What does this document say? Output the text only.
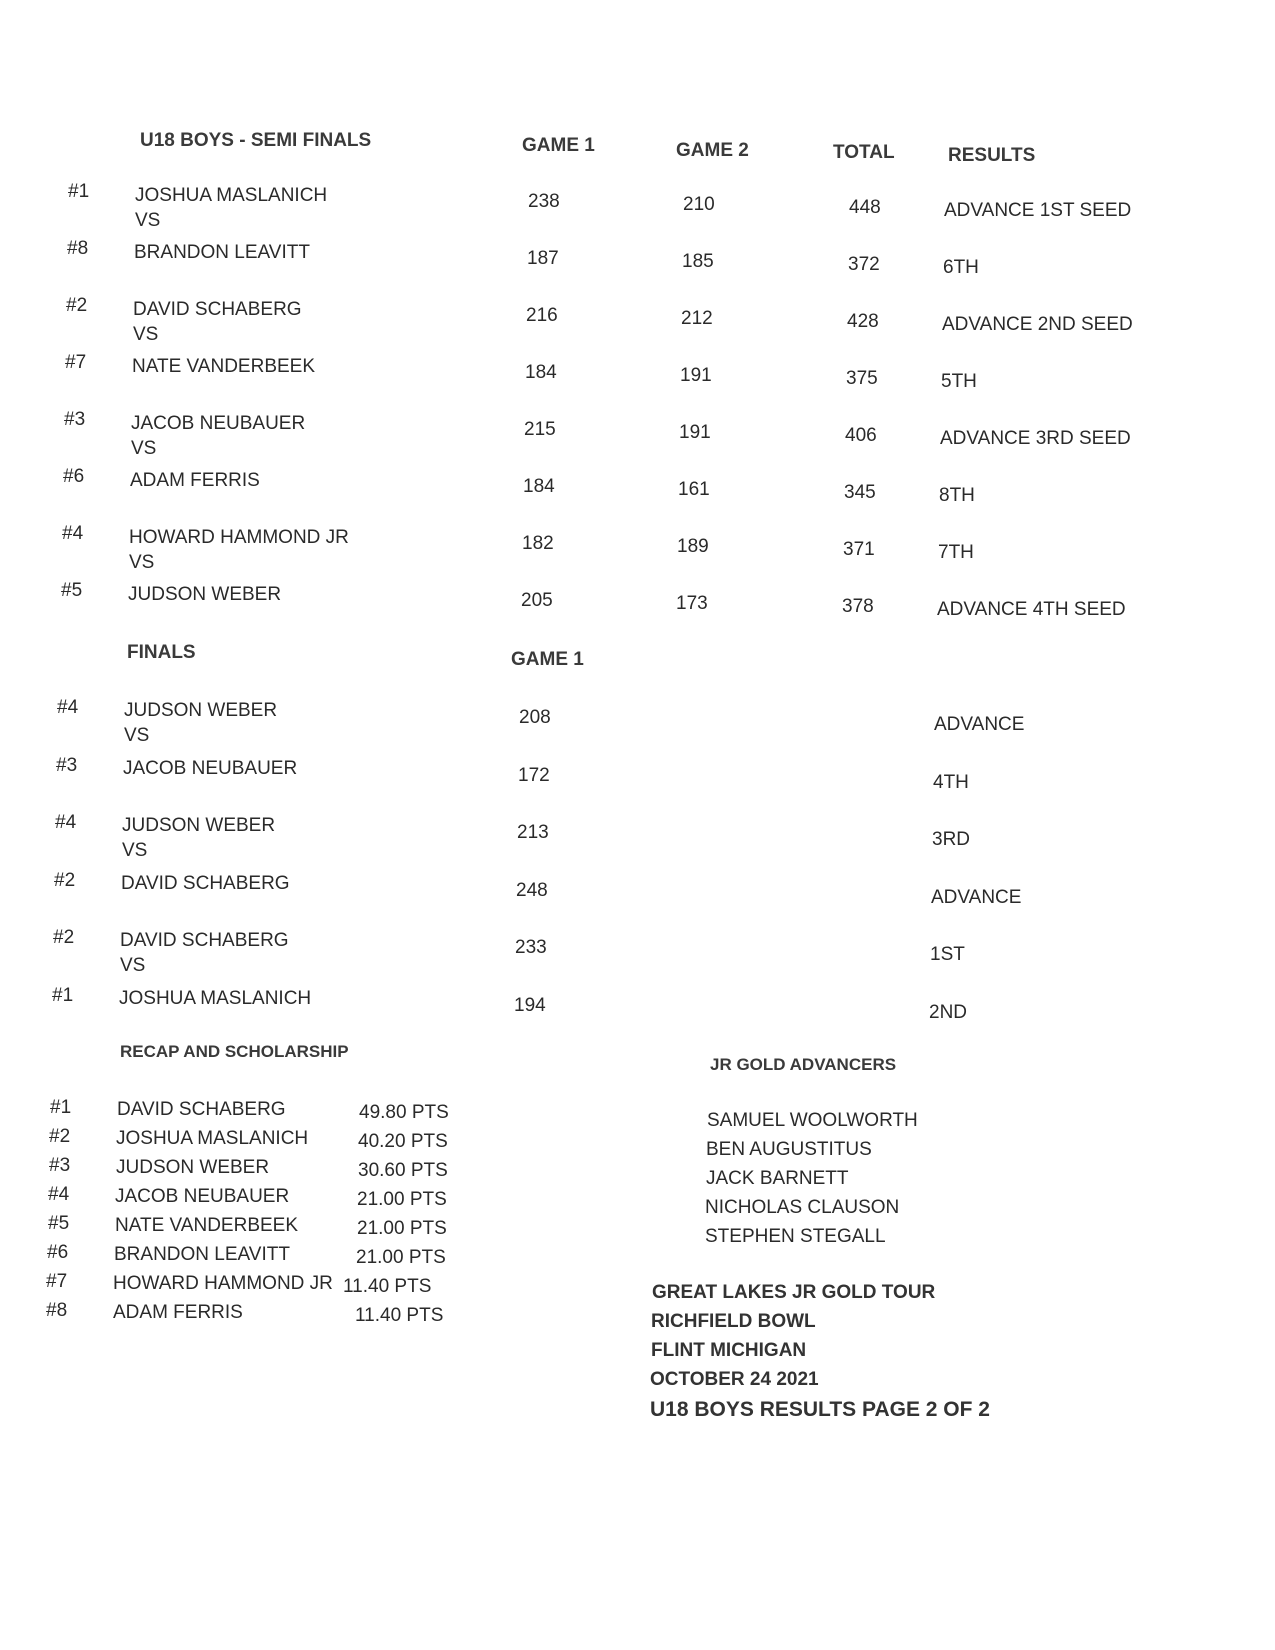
U18 BOYS - SEMI FINALS	GAME 1	GAME 2	TOTAL	RESULTS
#1 JOSHUA MASLANICH	238	210	448	ADVANCE 1ST SEED
#8 BRANDON LEAVITT	187	185	372	6TH
VS
#2 DAVID SCHABERG	216	212	428	ADVANCE 2ND SEED
#7 NATE VANDERBEEK	184	191	375	5TH
VS
#3 JACOB NEUBAUER	215	191	406	ADVANCE 3RD SEED
#6 ADAM FERRIS	184	161	345	8TH
VS
#4 HOWARD HAMMOND JR	182	189	371	7TH
#5 JUDSON WEBER	205	173	378	ADVANCE 4TH SEED
VS
FINALS	GAME 1
#4 JUDSON WEBER	208	ADVANCE
#3 JACOB NEUBAUER	172	4TH
VS
#4 JUDSON WEBER	213	3RD
#2 DAVID SCHABERG	248	ADVANCE
VS
#2 DAVID SCHABERG	233	1ST
#1 JOSHUA MASLANICH	194	2ND
VS
RECAP AND SCHOLARSHIP
#1 DAVID SCHABERG	49.80 PTS
#2 JOSHUA MASLANICH	40.20 PTS
#3 JUDSON WEBER	30.60 PTS
#4 JACOB NEUBAUER	21.00 PTS
#5 NATE VANDERBEEK	21.00 PTS
#6 BRANDON LEAVITT	21.00 PTS
#7 HOWARD HAMMOND JR 11.40 PTS
#8 ADAM FERRIS	11.40 PTS
JR GOLD ADVANCERS
SAMUEL WOOLWORTH
BEN AUGUSTITUS
JACK BARNETT
NICHOLAS CLAUSON
STEPHEN STEGALL
GREAT LAKES JR GOLD TOUR
RICHFIELD BOWL
FLINT MICHIGAN
OCTOBER 24 2021
U18 BOYS RESULTS PAGE 2 OF 2
